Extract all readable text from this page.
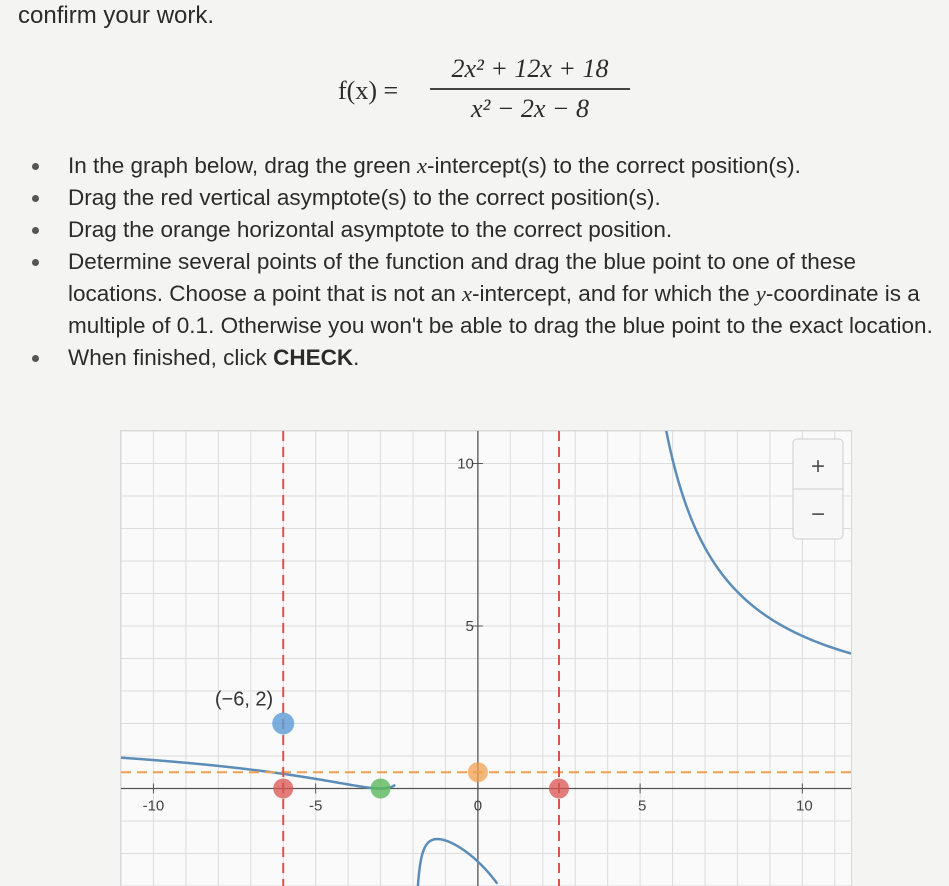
confirm your work.
f(x) =
2x² + 12x + 18
x² − 2x − 8
In the graph below, drag the green x-intercept(s) to the correct position(s).
Drag the red vertical asymptote(s) to the correct position(s).
Drag the orange horizontal asymptote to the correct position.
Determine several points of the function and drag the blue point to one of these locations. Choose a point that is not an x-intercept, and for which the y-coordinate is a multiple of 0.1. Otherwise you won't be able to drag the blue point to the exact location.
When finished, click CHECK.
(−6, 2)
-10	-5	0	5	10
5
10	+
−
